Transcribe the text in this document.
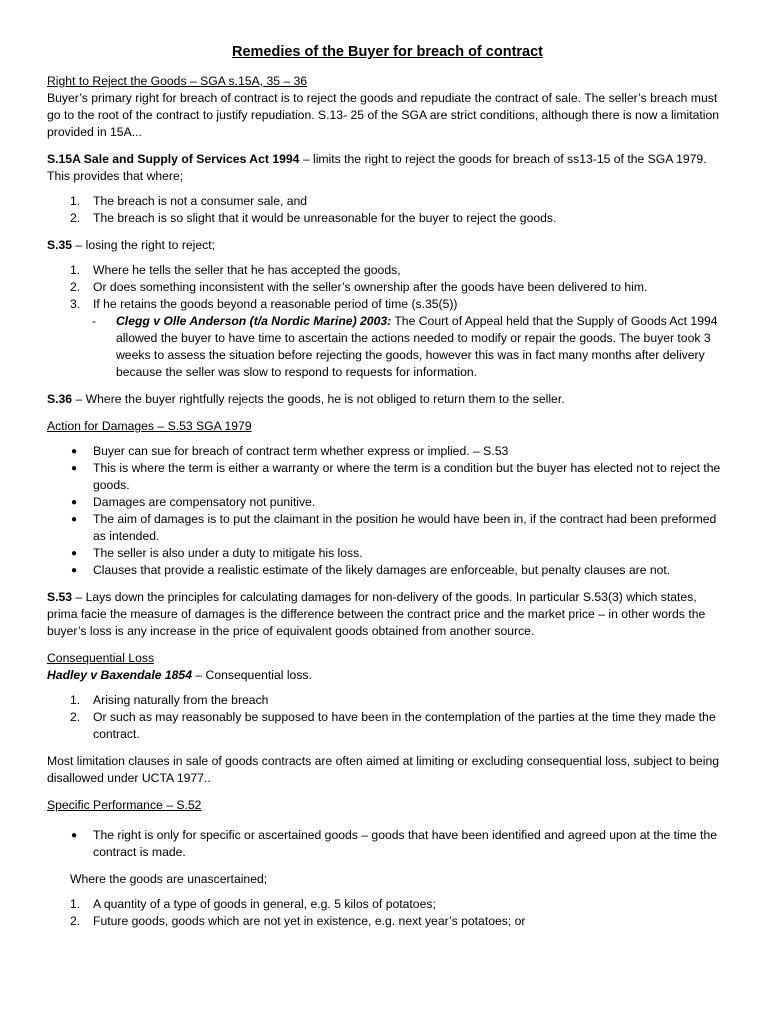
Remedies of the Buyer for breach of contract

Right to Reject the Goods – SGA s.15A, 35 – 36

Buyer’s primary right for breach of contract is to reject the goods and repudiate the contract of sale. The seller’s breach must go to the root of the contract to justify repudiation. S.13- 25 of the SGA are strict conditions, although there is now a limitation provided in 15A...

S.15A Sale and Supply of Services Act 1994 – limits the right to reject the goods for breach of ss13-15 of the SGA 1979. This provides that where;

1. The breach is not a consumer sale, and
2. The breach is so slight that it would be unreasonable for the buyer to reject the goods.

S.35 – losing the right to reject;

1. Where he tells the seller that he has accepted the goods,
2. Or does something inconsistent with the seller’s ownership after the goods have been delivered to him.
3. If he retains the goods beyond a reasonable period of time (s.35(5))
- Clegg v Olle Anderson (t/a Nordic Marine) 2003: The Court of Appeal held that the Supply of Goods Act 1994 allowed the buyer to have time to ascertain the actions needed to modify or repair the goods. The buyer took 3 weeks to assess the situation before rejecting the goods, however this was in fact many months after delivery because the seller was slow to respond to requests for information.

S.36 – Where the buyer rightfully rejects the goods, he is not obliged to return them to the seller.

Action for Damages – S.53 SGA 1979

● Buyer can sue for breach of contract term whether express or implied. – S.53
● This is where the term is either a warranty or where the term is a condition but the buyer has elected not to reject the goods.
● Damages are compensatory not punitive.
● The aim of damages is to put the claimant in the position he would have been in, if the contract had been preformed as intended.
● The seller is also under a duty to mitigate his loss.
● Clauses that provide a realistic estimate of the likely damages are enforceable, but penalty clauses are not.

S.53 – Lays down the principles for calculating damages for non-delivery of the goods. In particular S.53(3) which states, prima facie the measure of damages is the difference between the contract price and the market price – in other words the buyer’s loss is any increase in the price of equivalent goods obtained from another source.

Consequential Loss

Hadley v Baxendale 1854 – Consequential loss.

1. Arising naturally from the breach
2. Or such as may reasonably be supposed to have been in the contemplation of the parties at the time they made the contract.

Most limitation clauses in sale of goods contracts are often aimed at limiting or excluding consequential loss, subject to being disallowed under UCTA 1977..

Specific Performance – S.52

● The right is only for specific or ascertained goods – goods that have been identified and agreed upon at the time the contract is made.

Where the goods are unascertained;

1. A quantity of a type of goods in general, e.g. 5 kilos of potatoes;
2. Future goods, goods which are not yet in existence, e.g. next year’s potatoes; or
